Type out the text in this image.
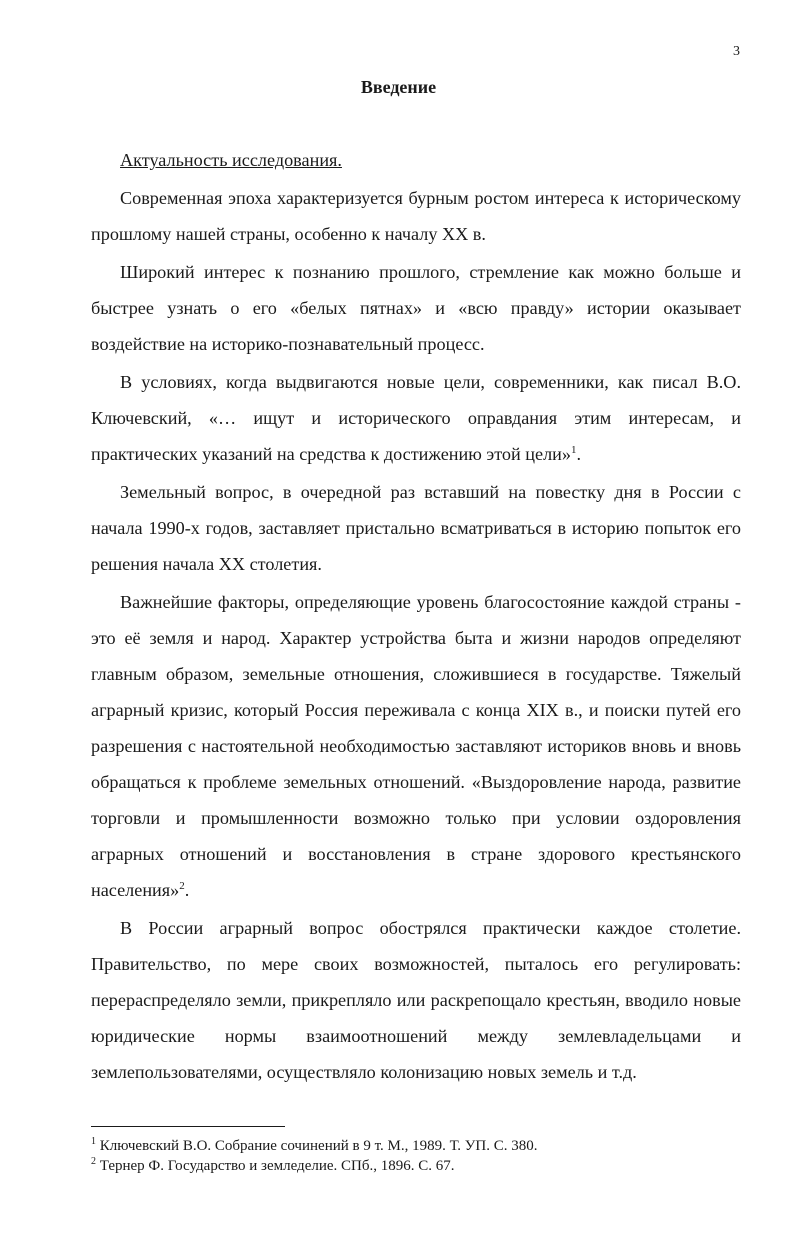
3
Введение

Актуальность исследования.

Современная эпоха характеризуется бурным ростом интереса к историческому прошлому нашей страны, особенно к началу XX в.

Широкий интерес к познанию прошлого, стремление как можно больше и быстрее узнать о его «белых пятнах» и «всю правду» истории оказывает воздействие на историко-познавательный процесс.

В условиях, когда выдвигаются новые цели, современники, как писал В.О. Ключевский, «… ищут и исторического оправдания этим интересам, и практических указаний на средства к достижению этой цели»$^1$.

Земельный вопрос, в очередной раз вставший на повестку дня в России с начала 1990-х годов, заставляет пристально всматриваться в историю попыток его решения начала XX столетия.

Важнейшие факторы, определяющие уровень благосостояние каждой страны - это её земля и народ. Характер устройства быта и жизни народов определяют главным образом, земельные отношения, сложившиеся в государстве. Тяжелый аграрный кризис, который Россия переживала с конца XIX в., и поиски путей его разрешения с настоятельной необходимостью заставляют историков вновь и вновь обращаться к проблеме земельных отношений. «Выздоровление народа, развитие торговли и промышленности возможно только при условии оздоровления аграрных отношений и восстановления в стране здорового крестьянского населения»$^2$.

В России аграрный вопрос обострялся практически каждое столетие. Правительство, по мере своих возможностей, пыталось его регулировать: перераспределяло земли, прикрепляло или раскрепощало крестьян, вводило новые юридические нормы взаимоотношений между землевладельцами и землепользователями, осуществляло колонизацию новых земель и т.д.

$^1$ Ключевский В.О. Собрание сочинений в 9 т. М., 1989. Т. УП. С. 380.
$^2$ Тернер Ф. Государство и земледелие. СПб., 1896. С. 67.
